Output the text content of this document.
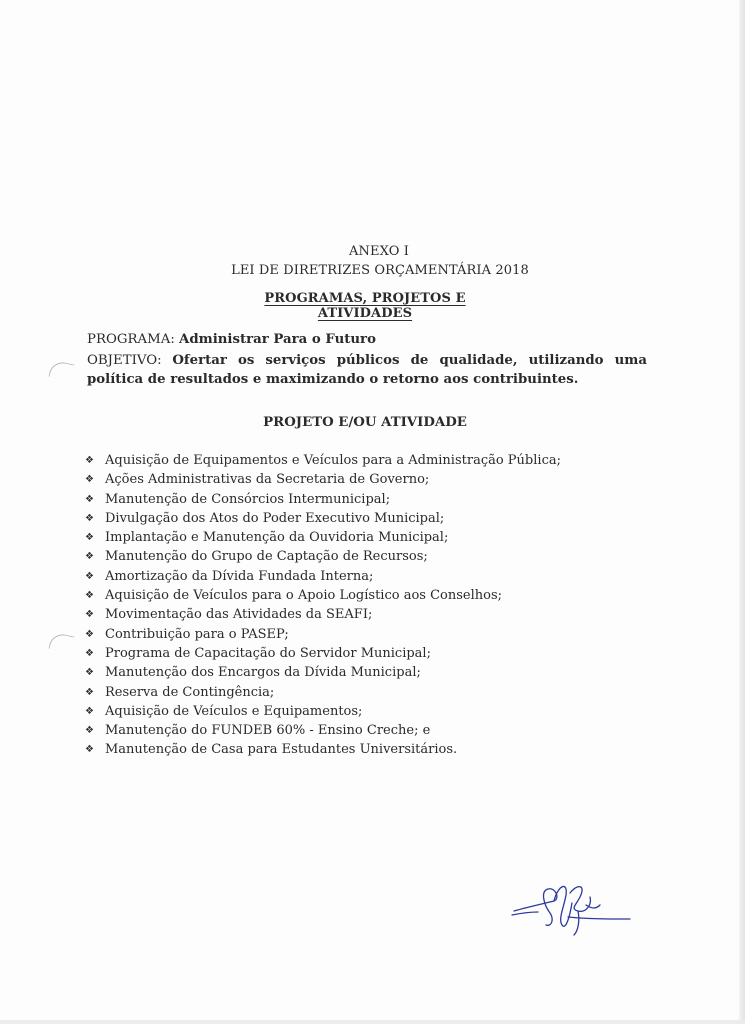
ANEXO I
LEI DE DIRETRIZES ORÇAMENTÁRIA 2018
PROGRAMAS, PROJETOS E ATIVIDADES
PROGRAMA: Administrar Para o Futuro
OBJETIVO: Ofertar os serviços públicos de qualidade, utilizando uma política de resultados e maximizando o retorno aos contribuintes.
PROJETO E/OU ATIVIDADE
❖ Aquisição de Equipamentos e Veículos para a Administração Pública;
❖ Ações Administrativas da Secretaria de Governo;
❖ Manutenção de Consórcios Intermunicipal;
❖ Divulgação dos Atos do Poder Executivo Municipal;
❖ Implantação e Manutenção da Ouvidoria Municipal;
❖ Manutenção do Grupo de Captação de Recursos;
❖ Amortização da Dívida Fundada Interna;
❖ Aquisição de Veículos para o Apoio Logístico aos Conselhos;
❖ Movimentação das Atividades da SEAFI;
❖ Contribuição para o PASEP;
❖ Programa de Capacitação do Servidor Municipal;
❖ Manutenção dos Encargos da Dívida Municipal;
❖ Reserva de Contingência;
❖ Aquisição de Veículos e Equipamentos;
❖ Manutenção do FUNDEB 60% - Ensino Creche; e
❖ Manutenção de Casa para Estudantes Universitários.
